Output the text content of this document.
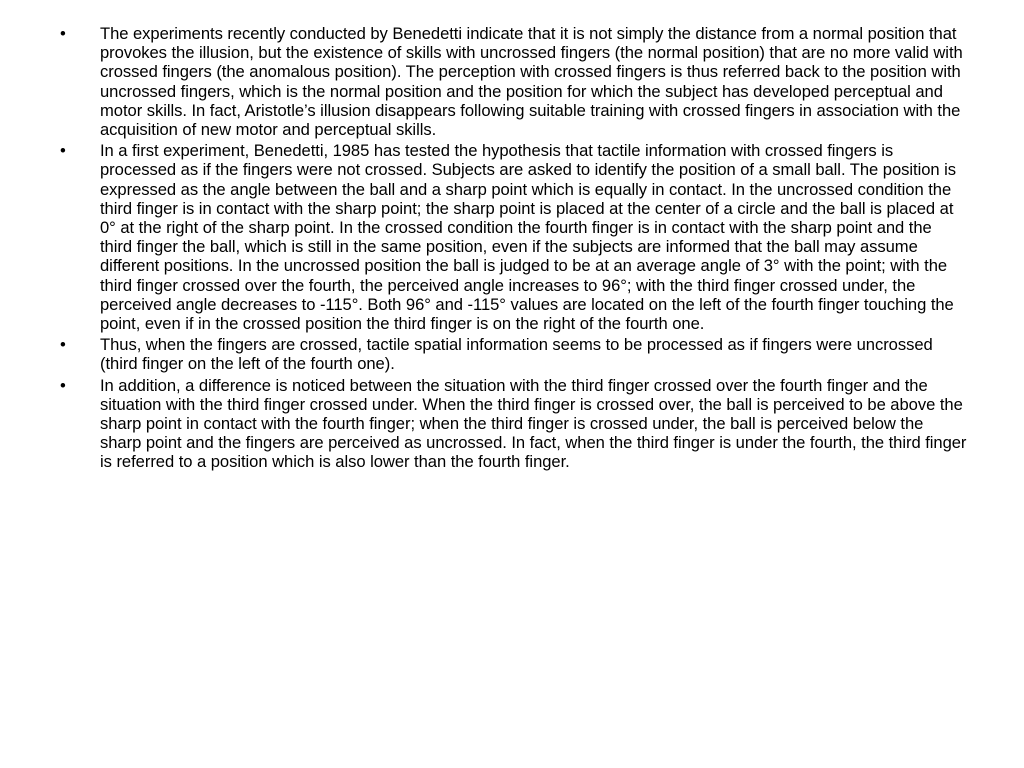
•	The experiments recently conducted by Benedetti indicate that it is not simply the distance from a normal position that provokes the illusion, but the existence of skills with uncrossed fingers (the normal position) that are no more valid with crossed fingers (the anomalous position). The perception with crossed fingers is thus referred back to the position with uncrossed fingers, which is the normal position and the position for which the subject has developed perceptual and motor skills. In fact, Aristotle’s illusion disappears following suitable training with crossed fingers in association with the acquisition of new motor and perceptual skills.
•	In a first experiment, Benedetti, 1985 has tested the hypothesis that tactile information with crossed fingers is processed as if the fingers were not crossed. Subjects are asked to identify the position of a small ball. The position is expressed as the angle between the ball and a sharp point which is equally in contact. In the uncrossed condition the third finger is in contact with the sharp point; the sharp point is placed at the center of a circle and the ball is placed at 0° at the right of the sharp point. In the crossed condition the fourth finger is in contact with the sharp point and the third finger the ball, which is still in the same position, even if the subjects are informed that the ball may assume different positions. In the uncrossed position the ball is judged to be at an average angle of 3° with the point; with the third finger crossed over the fourth, the perceived angle increases to 96°; with the third finger crossed under, the perceived angle decreases to -115°. Both 96° and -115° values are located on the left of the fourth finger touching the point, even if in the crossed position the third finger is on the right of the fourth one.
•	Thus, when the fingers are crossed, tactile spatial information seems to be processed as if fingers were uncrossed (third finger on the left of the fourth one).
•	In addition, a difference is noticed between the situation with the third finger crossed over the fourth finger and the situation with the third finger crossed under. When the third finger is crossed over, the ball is perceived to be above the sharp point in contact with the fourth finger; when the third finger is crossed under, the ball is perceived below the sharp point and the fingers are perceived as uncrossed. In fact, when the third finger is under the fourth, the third finger is referred to a position which is also lower than the fourth finger.
